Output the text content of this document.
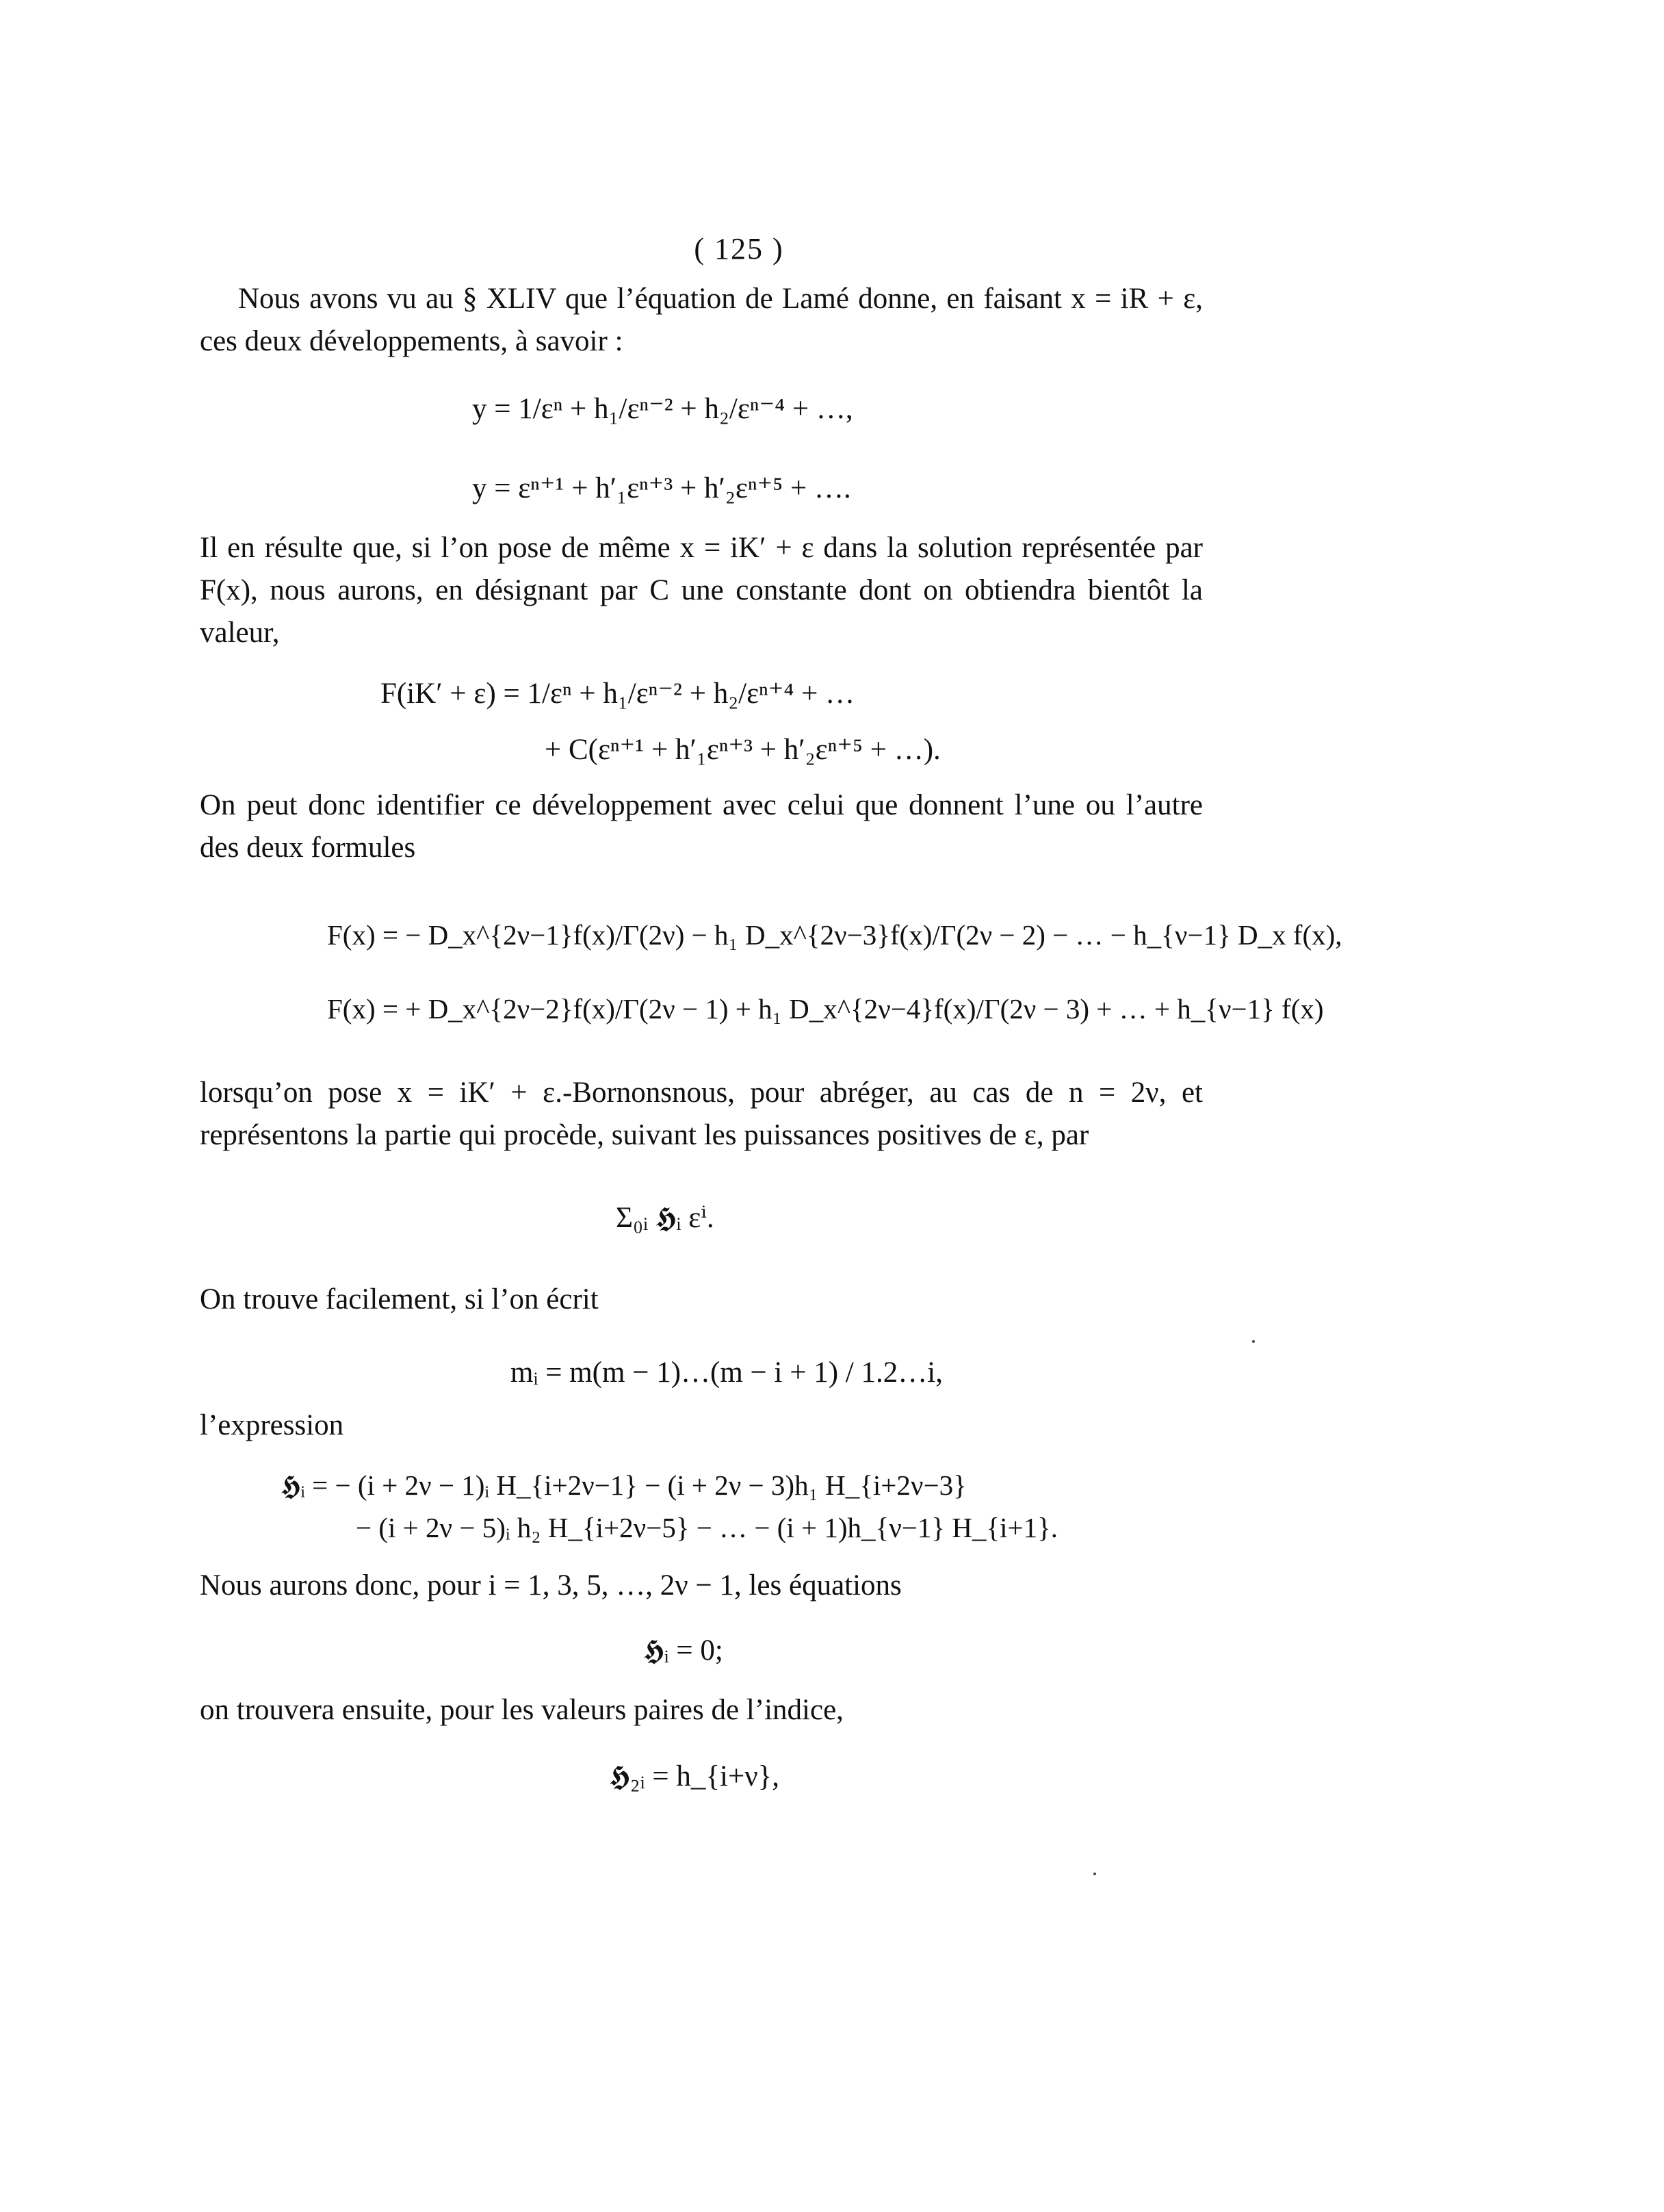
( 125 )
Nous avons vu au § XLIV que l’équation de Lamé donne, en faisant x = iR + ε, ces deux développements, à savoir :
y = 1/εⁿ + h₁/εⁿ⁻² + h₂/εⁿ⁻⁴ + …,
y = εⁿ⁺¹ + h′₁εⁿ⁺³ + h′₂εⁿ⁺⁵ + ….
Il en résulte que, si l’on pose de même x = iK′ + ε dans la solution représentée par F(x), nous aurons, en désignant par C une constante dont on obtiendra bientôt la valeur,
F(iK′ + ε) = 1/εⁿ + h₁/εⁿ⁻² + h₂/εⁿ⁺⁴ + …
+ C(εⁿ⁺¹ + h′₁εⁿ⁺³ + h′₂εⁿ⁺⁵ + …).
On peut donc identifier ce développement avec celui que donnent l’une ou l’autre des deux formules
F(x) = − D_x^{2ν−1}f(x)/Γ(2ν) − h₁ D_x^{2ν−3}f(x)/Γ(2ν − 2) − … − h_{ν−1} D_x f(x),
F(x) = + D_x^{2ν−2}f(x)/Γ(2ν − 1) + h₁ D_x^{2ν−4}f(x)/Γ(2ν − 3) + … + h_{ν−1} f(x)
lorsqu’on pose x = iK′ + ε.-Bornonsnous, pour abréger, au cas de n = 2ν, et représentons la partie qui procède, suivant les puissances positives de ε, par
Σ₀ᵢ 𝕳ᵢ εⁱ.
On trouve facilement, si l’on écrit
mᵢ = m(m − 1)…(m − i + 1) / 1.2…i,
l’expression
𝕳ᵢ = − (i + 2ν − 1)ᵢ H_{i+2ν−1} − (i + 2ν − 3)h₁ H_{i+2ν−3}
− (i + 2ν − 5)ᵢ h₂ H_{i+2ν−5} − … − (i + 1)h_{ν−1} H_{i+1}.
Nous aurons donc, pour i = 1, 3, 5, …, 2ν − 1, les équations
𝕳ᵢ = 0;
on trouvera ensuite, pour les valeurs paires de l’indice,
𝕳₂ᵢ = h_{i+ν},
